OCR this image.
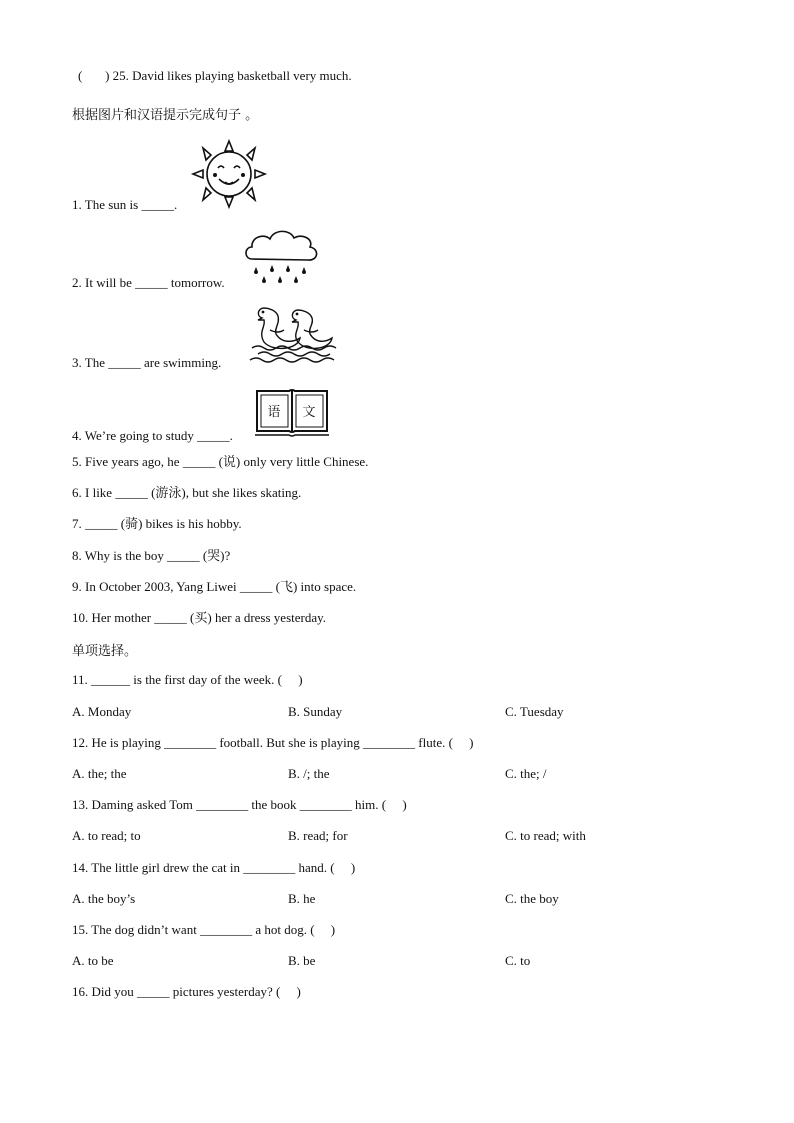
(       ) 25. David likes playing basketball very much.
根据图片和汉语提示完成句子 。
1. The sun is _____.
2. It will be _____ tomorrow.
3. The _____ are swimming.
语 文
4. We’re going to study _____.
5. Five years ago, he _____ (说) only very little Chinese.
6. I like _____ (游泳), but she likes skating.
7. _____ (骑) bikes is his hobby.
8. Why is the boy _____ (哭)?
9. In October 2003, Yang Liwei _____ (飞) into space.
10. Her mother _____ (买) her a dress yesterday.
单项选择。
11. ______ is the first day of the week. (     )
A. Monday	B. Sunday	C. Tuesday
12. He is playing ________ football. But she is playing ________ flute. (     )
A. the; the	B. /; the	C. the; /
13. Daming asked Tom ________ the book ________ him. (     )
A. to read; to	B. read; for	C. to read; with
14. The little girl drew the cat in ________ hand. (     )
A. the boy’s	B. he	C. the boy
15. The dog didn’t want ________ a hot dog. (     )
A. to be	B. be	C. to
16. Did you _____ pictures yesterday? (     )
